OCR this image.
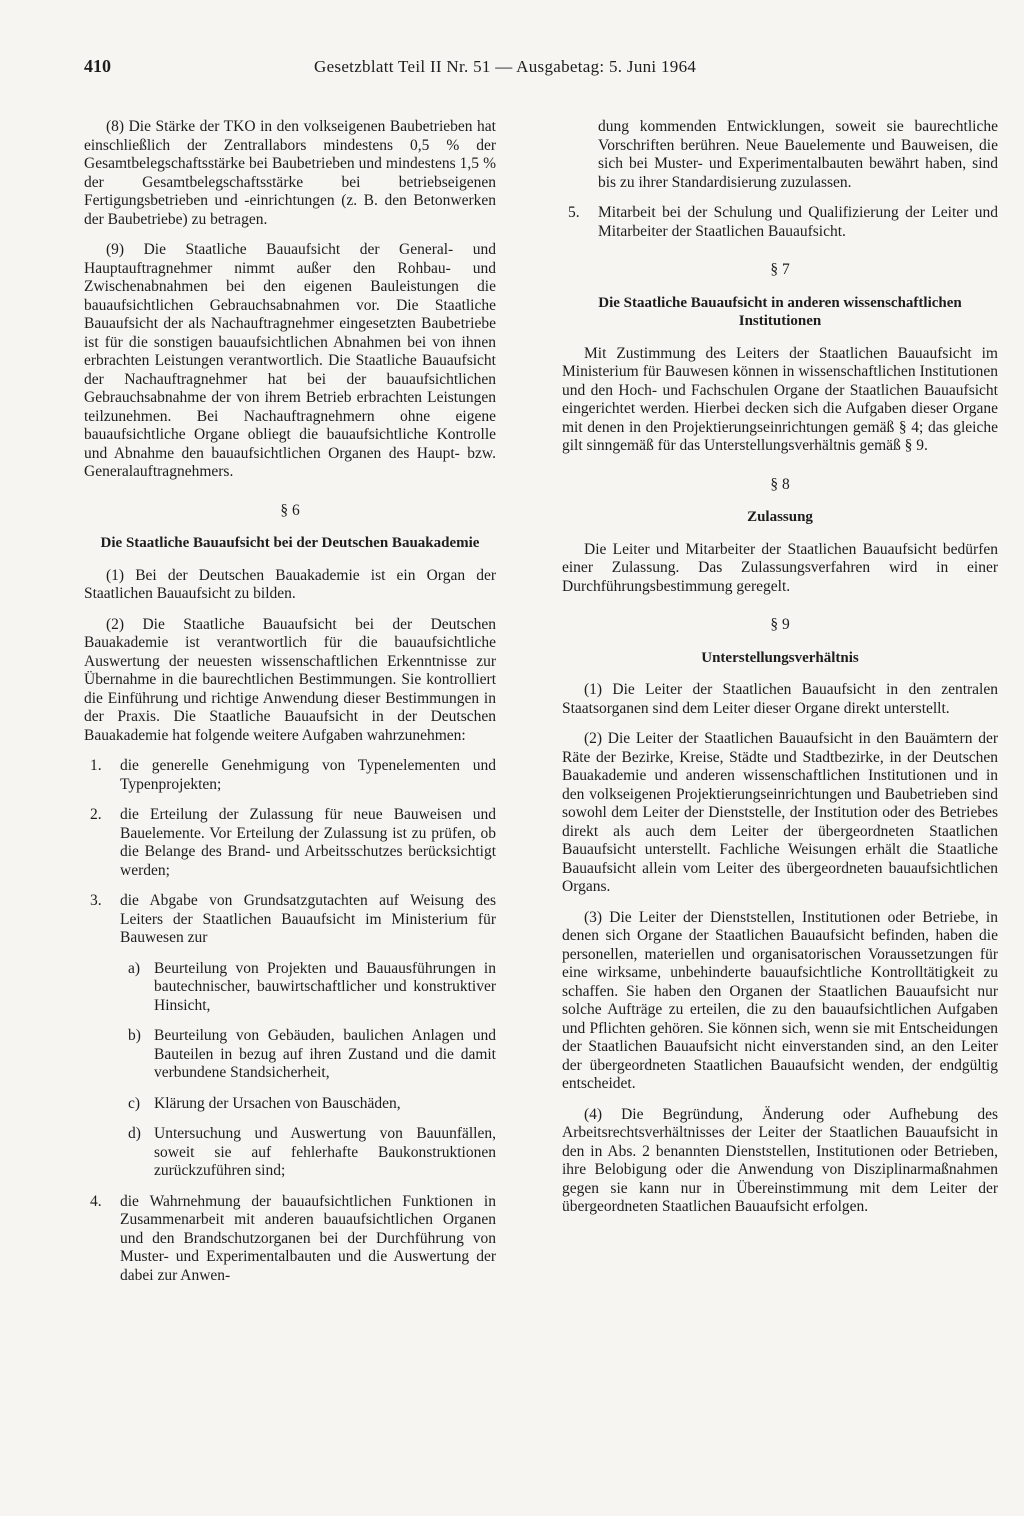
410	Gesetzblatt Teil II Nr. 51 — Ausgabetag: 5. Juni 1964

(8) Die Stärke der TKO in den volkseigenen Baubetrieben hat einschließlich der Zentrallabors mindestens 0,5 % der Gesamtbelegschaftsstärke bei Baubetrieben und mindestens 1,5 % der Gesamtbelegschaftsstärke bei betriebseigenen Fertigungsbetrieben und -einrichtungen (z. B. den Betonwerken der Baubetriebe) zu betragen.

(9) Die Staatliche Bauaufsicht der General- und Hauptauftragnehmer nimmt außer den Rohbau- und Zwischenabnahmen bei den eigenen Bauleistungen die bauaufsichtlichen Gebrauchsabnahmen vor. Die Staatliche Bauaufsicht der als Nachauftragnehmer eingesetzten Baubetriebe ist für die sonstigen bauaufsichtlichen Abnahmen bei von ihnen erbrachten Leistungen verantwortlich. Die Staatliche Bauaufsicht der Nachauftragnehmer hat bei der bauaufsichtlichen Gebrauchsabnahme der von ihrem Betrieb erbrachten Leistungen teilzunehmen. Bei Nachauftragnehmern ohne eigene bauaufsichtliche Organe obliegt die bauaufsichtliche Kontrolle und Abnahme den bauaufsichtlichen Organen des Haupt- bzw. Generalauftragnehmers.

§ 6
Die Staatliche Bauaufsicht bei der Deutschen Bauakademie

(1) Bei der Deutschen Bauakademie ist ein Organ der Staatlichen Bauaufsicht zu bilden.

(2) Die Staatliche Bauaufsicht bei der Deutschen Bauakademie ist verantwortlich für die bauaufsichtliche Auswertung der neuesten wissenschaftlichen Erkenntnisse zur Übernahme in die baurechtlichen Bestimmungen. Sie kontrolliert die Einführung und richtige Anwendung dieser Bestimmungen in der Praxis. Die Staatliche Bauaufsicht in der Deutschen Bauakademie hat folgende weitere Aufgaben wahrzunehmen:

1.	die generelle Genehmigung von Typenelementen und Typenprojekten;
2.	die Erteilung der Zulassung für neue Bauweisen und Bauelemente. Vor Erteilung der Zulassung ist zu prüfen, ob die Belange des Brand- und Arbeitsschutzes berücksichtigt werden;
3.	die Abgabe von Grundsatzgutachten auf Weisung des Leiters der Staatlichen Bauaufsicht im Ministerium für Bauwesen zur
a) Beurteilung von Projekten und Bauausführungen in bautechnischer, bauwirtschaftlicher und konstruktiver Hinsicht,
b) Beurteilung von Gebäuden, baulichen Anlagen und Bauteilen in bezug auf ihren Zustand und die damit verbundene Standsicherheit,
c) Klärung der Ursachen von Bauschäden,
d) Untersuchung und Auswertung von Bauunfällen, soweit sie auf fehlerhafte Baukonstruktionen zurückzuführen sind;
4.	die Wahrnehmung der bauaufsichtlichen Funktionen in Zusammenarbeit mit anderen bauaufsichtlichen Organen und den Brandschutzorganen bei der Durchführung von Muster- und Experimentalbauten und die Auswertung der dabei zur Anwen-
dung kommenden Entwicklungen, soweit sie baurechtliche Vorschriften berühren. Neue Bauelemente und Bauweisen, die sich bei Muster- und Experimentalbauten bewährt haben, sind bis zu ihrer Standardisierung zuzulassen.
5.	Mitarbeit bei der Schulung und Qualifizierung der Leiter und Mitarbeiter der Staatlichen Bauaufsicht.
§ 7
Die Staatliche Bauaufsicht in anderen wissenschaftlichen Institutionen

Mit Zustimmung des Leiters der Staatlichen Bauaufsicht im Ministerium für Bauwesen können in wissenschaftlichen Institutionen und den Hoch- und Fachschulen Organe der Staatlichen Bauaufsicht eingerichtet werden. Hierbei decken sich die Aufgaben dieser Organe mit denen in den Projektierungseinrichtungen gemäß § 4; das gleiche gilt sinngemäß für das Unterstellungsverhältnis gemäß § 9.

§ 8
Zulassung

Die Leiter und Mitarbeiter der Staatlichen Bauaufsicht bedürfen einer Zulassung. Das Zulassungsverfahren wird in einer Durchführungsbestimmung geregelt.

§ 9
Unterstellungsverhältnis

(1) Die Leiter der Staatlichen Bauaufsicht in den zentralen Staatsorganen sind dem Leiter dieser Organe direkt unterstellt.

(2) Die Leiter der Staatlichen Bauaufsicht in den Bauämtern der Räte der Bezirke, Kreise, Städte und Stadtbezirke, in der Deutschen Bauakademie und anderen wissenschaftlichen Institutionen und in den volkseigenen Projektierungseinrichtungen und Baubetrieben sind sowohl dem Leiter der Dienststelle, der Institution oder des Betriebes direkt als auch dem Leiter der übergeordneten Staatlichen Bauaufsicht unterstellt. Fachliche Weisungen erhält die Staatliche Bauaufsicht allein vom Leiter des übergeordneten bauaufsichtlichen Organs.

(3) Die Leiter der Dienststellen, Institutionen oder Betriebe, in denen sich Organe der Staatlichen Bauaufsicht befinden, haben die personellen, materiellen und organisatorischen Voraussetzungen für eine wirksame, unbehinderte bauaufsichtliche Kontrolltätigkeit zu schaffen. Sie haben den Organen der Staatlichen Bauaufsicht nur solche Aufträge zu erteilen, die zu den bauaufsichtlichen Aufgaben und Pflichten gehören. Sie können sich, wenn sie mit Entscheidungen der Staatlichen Bauaufsicht nicht einverstanden sind, an den Leiter der übergeordneten Staatlichen Bauaufsicht wenden, der endgültig entscheidet.

(4) Die Begründung, Änderung oder Aufhebung des Arbeitsrechtsverhältnisses der Leiter der Staatlichen Bauaufsicht in den in Abs. 2 benannten Dienststellen, Institutionen oder Betrieben, ihre Belobigung oder die Anwendung von Disziplinarmaßnahmen gegen sie kann nur in Übereinstimmung mit dem Leiter der übergeordneten Staatlichen Bauaufsicht erfolgen.
